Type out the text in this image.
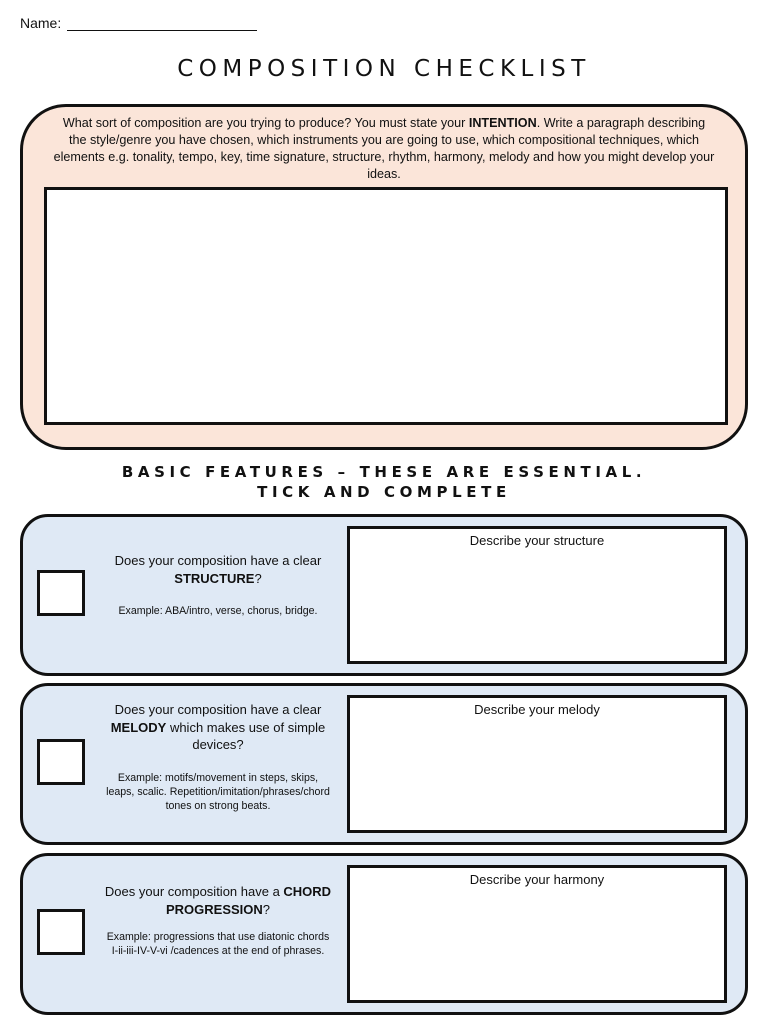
Name:
COMPOSITION CHECKLIST
What sort of composition are you trying to produce? You must state your INTENTION. Write a paragraph describing the style/genre you have chosen, which instruments you are going to use, which compositional techniques, which elements e.g. tonality, tempo, key, time signature, structure, rhythm, harmony, melody and how you might develop your ideas.
BASIC FEATURES – THESE ARE ESSENTIAL.
TICK AND COMPLETE
Does your composition have a clear STRUCTURE?
Example: ABA/intro, verse, chorus, bridge.
Describe your structure
Does your composition have a clear MELODY which makes use of simple devices?
Example: motifs/movement in steps, skips, leaps, scalic. Repetition/imitation/phrases/chord tones on strong beats.
Describe your melody
Does your composition have a CHORD PROGRESSION?
Example: progressions that use diatonic chords I-ii-iii-IV-V-vi /cadences at the end of phrases.
Describe your harmony
